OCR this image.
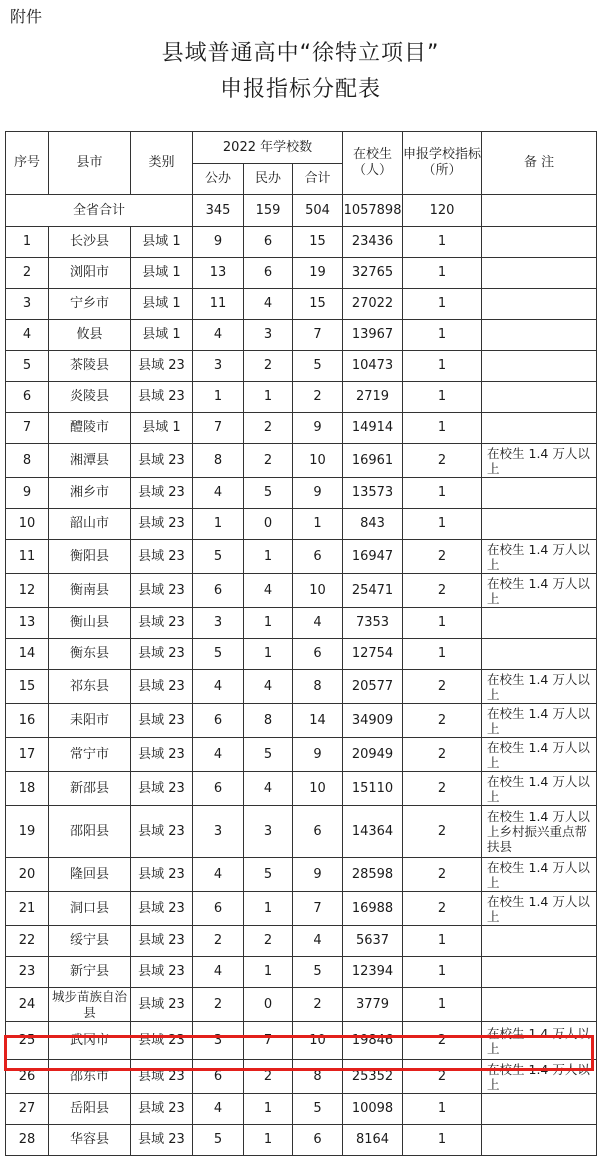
附件
县域普通高中“徐特立项目”
申报指标分配表
序号	县市	类别	2022 年学校数			在校生（人）	申报学校指标（所）	备 注
			公办	民办	合计			
全省合计			345	159	504	1057898	120	
1	长沙县	县域 1	9	6	15	23436	1	
2	浏阳市	县域 1	13	6	19	32765	1	
3	宁乡市	县域 1	11	4	15	27022	1	
4	攸县	县域 1	4	3	7	13967	1	
5	茶陵县	县域 23	3	2	5	10473	1	
6	炎陵县	县域 23	1	1	2	2719	1	
7	醴陵市	县域 1	7	2	9	14914	1	
8	湘潭县	县域 23	8	2	10	16961	2	在校生 1.4 万人以上
9	湘乡市	县域 23	4	5	9	13573	1	
10	韶山市	县域 23	1	0	1	843	1	
11	衡阳县	县域 23	5	1	6	16947	2	在校生 1.4 万人以上
12	衡南县	县域 23	6	4	10	25471	2	在校生 1.4 万人以上
13	衡山县	县域 23	3	1	4	7353	1	
14	衡东县	县域 23	5	1	6	12754	1	
15	祁东县	县域 23	4	4	8	20577	2	在校生 1.4 万人以上
16	耒阳市	县域 23	6	8	14	34909	2	在校生 1.4 万人以上
17	常宁市	县域 23	4	5	9	20949	2	在校生 1.4 万人以上
18	新邵县	县域 23	6	4	10	15110	2	在校生 1.4 万人以上
19	邵阳县	县域 23	3	3	6	14364	2	在校生 1.4 万人以上乡村振兴重点帮扶县
20	隆回县	县域 23	4	5	9	28598	2	在校生 1.4 万人以上
21	洞口县	县域 23	6	1	7	16988	2	在校生 1.4 万人以上
22	绥宁县	县域 23	2	2	4	5637	1	
23	新宁县	县域 23	4	1	5	12394	1	
24	城步苗族自治县	县域 23	2	0	2	3779	1	
25	武冈市	县域 23	3	7	10	19846	2	在校生 1.4 万人以上
26	邵东市	县域 23	6	2	8	25352	2	在校生 1.4 万人以上
27	岳阳县	县域 23	4	1	5	10098	1	
28	华容县	县域 23	5	1	6	8164	1	
